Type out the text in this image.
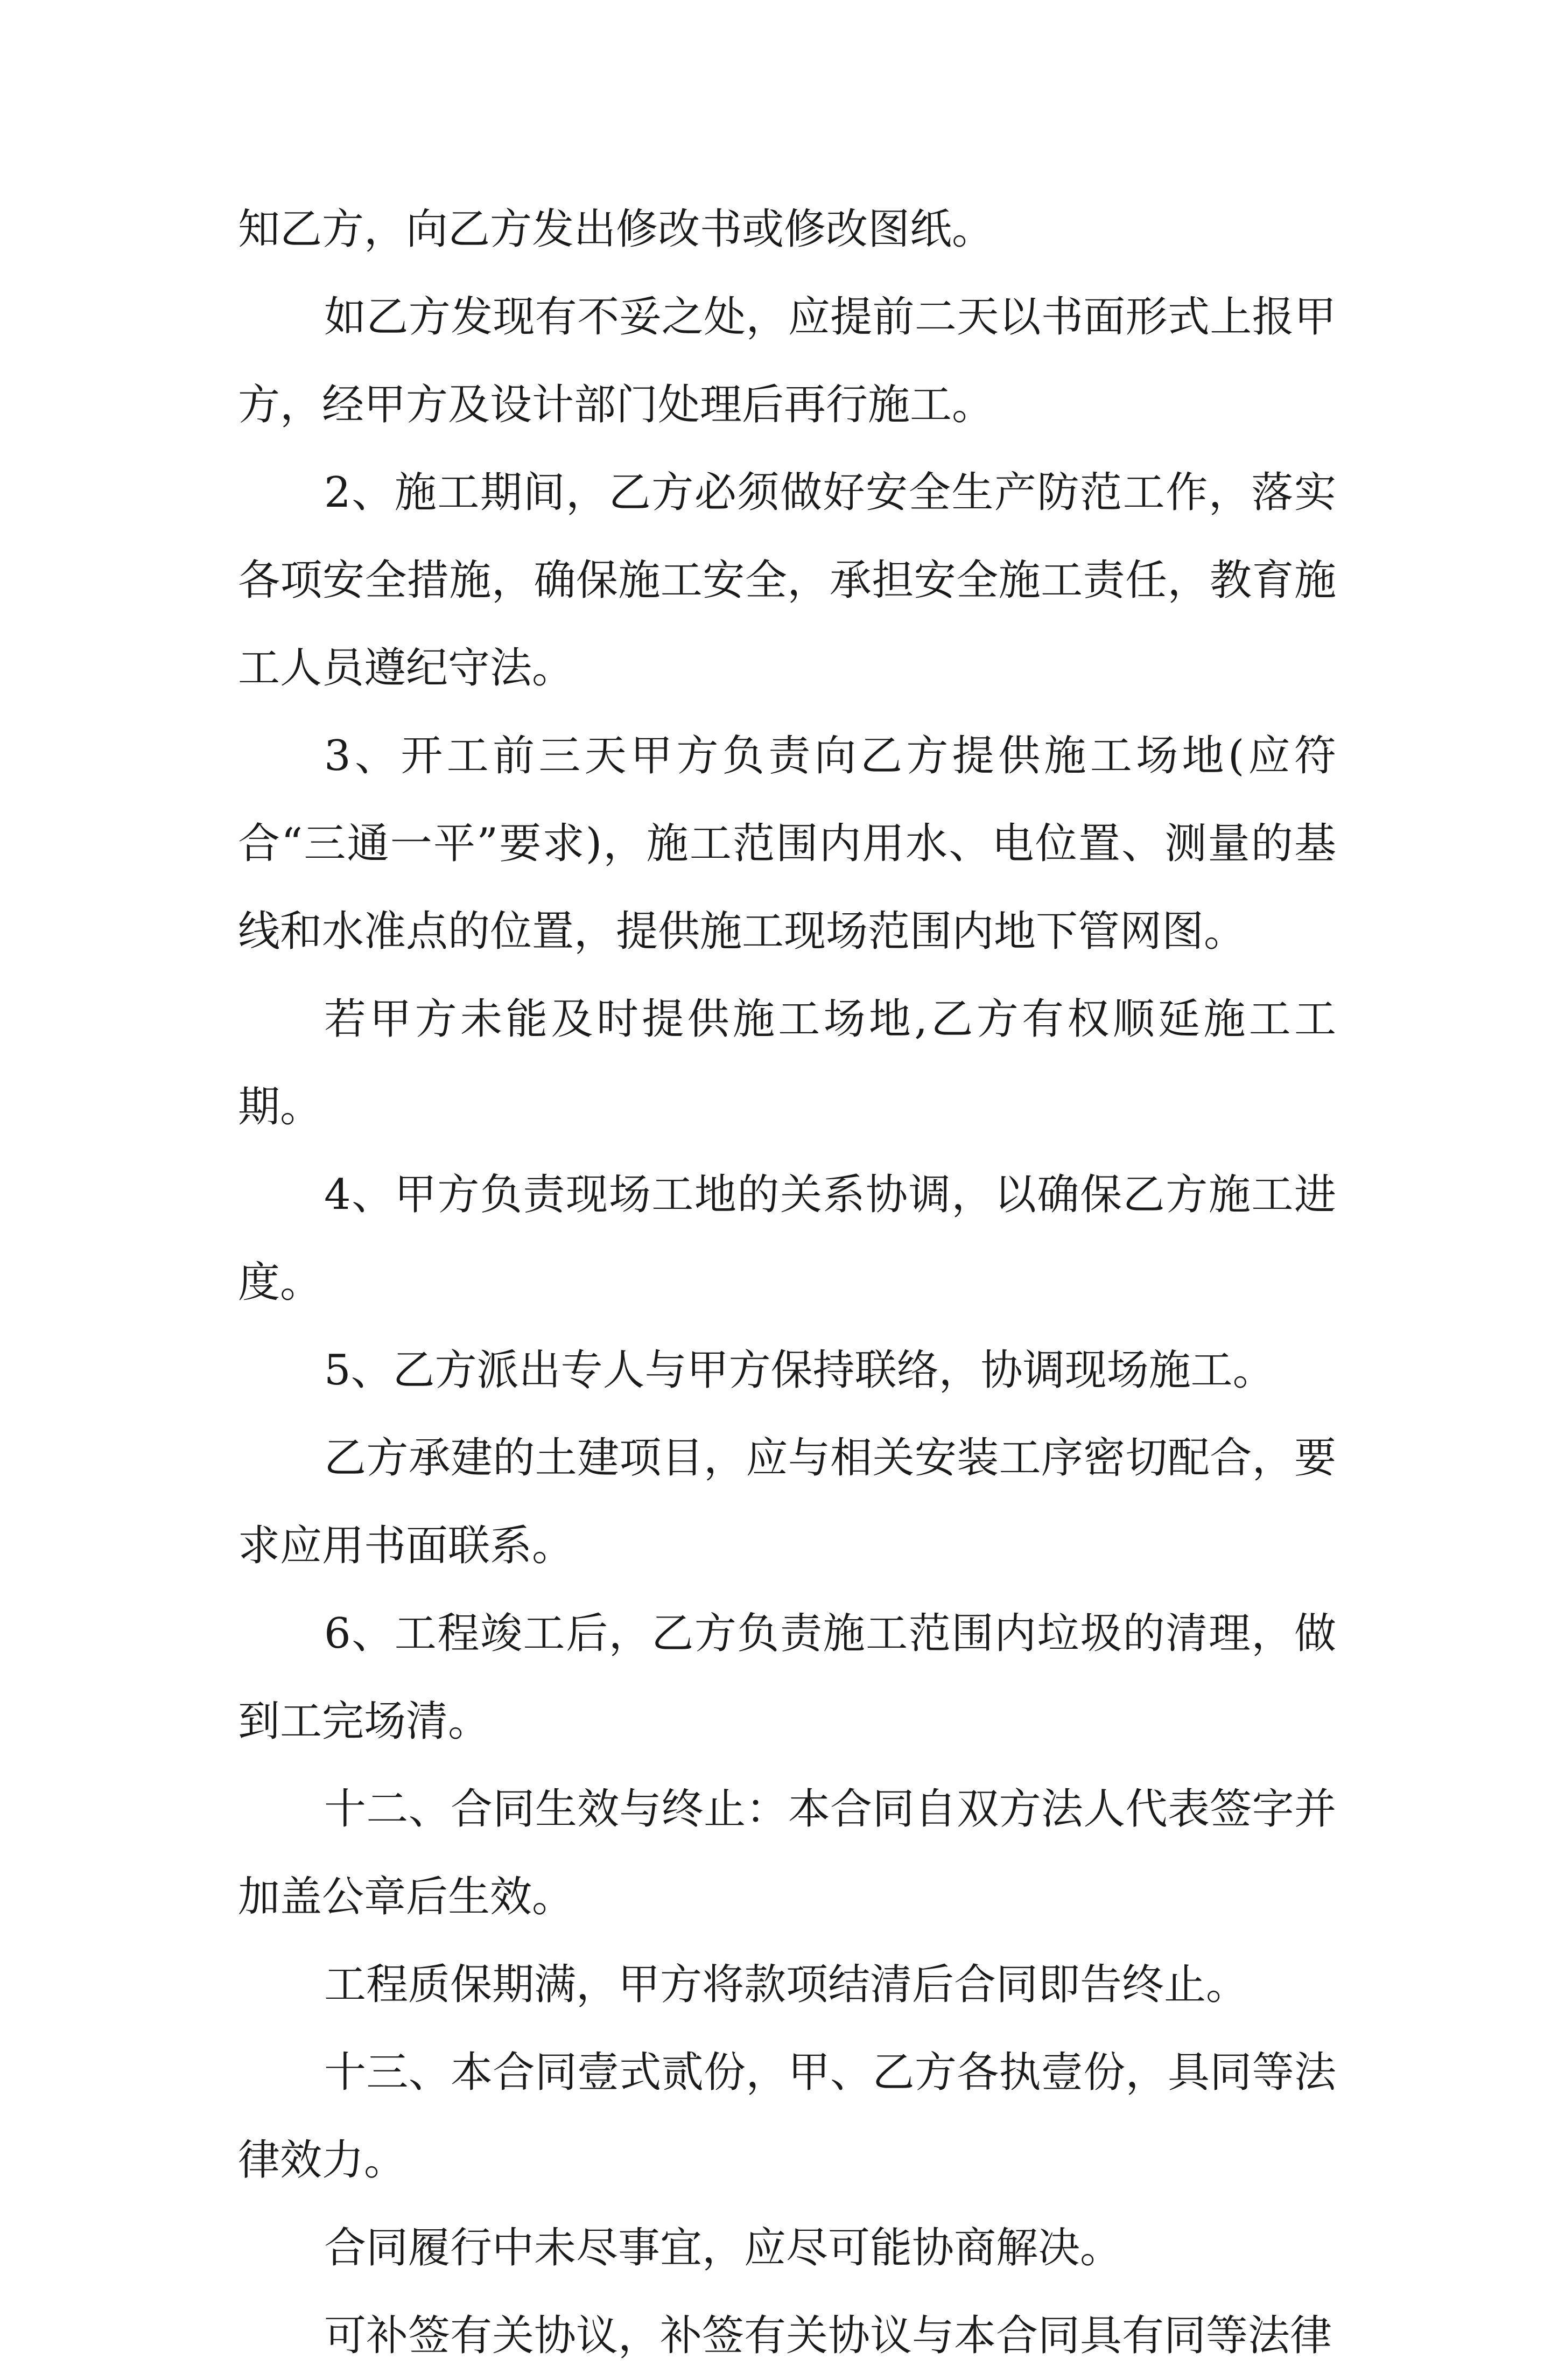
知乙方，向乙方发出修改书或修改图纸。

如乙方发现有不妥之处，应提前二天以书面形式上报甲方，经甲方及设计部门处理后再行施工。

2、施工期间，乙方必须做好安全生产防范工作，落实各项安全措施，确保施工安全，承担安全施工责任，教育施工人员遵纪守法。

3、开工前三天甲方负责向乙方提供施工场地(应符合“三通一平”要求)，施工范围内用水、电位置、测量的基线和水准点的位置，提供施工现场范围内地下管网图。

若甲方未能及时提供施工场地,乙方有权顺延施工工期。

4、甲方负责现场工地的关系协调，以确保乙方施工进度。

5、乙方派出专人与甲方保持联络，协调现场施工。

乙方承建的土建项目，应与相关安装工序密切配合，要求应用书面联系。

6、工程竣工后，乙方负责施工范围内垃圾的清理，做到工完场清。

十二、合同生效与终止：本合同自双方法人代表签字并加盖公章后生效。

工程质保期满，甲方将款项结清后合同即告终止。

十三、本合同壹式贰份，甲、乙方各执壹份，具同等法律效力。

合同履行中未尽事宜，应尽可能协商解决。

可补签有关协议，补签有关协议与本合同具有同等法律
